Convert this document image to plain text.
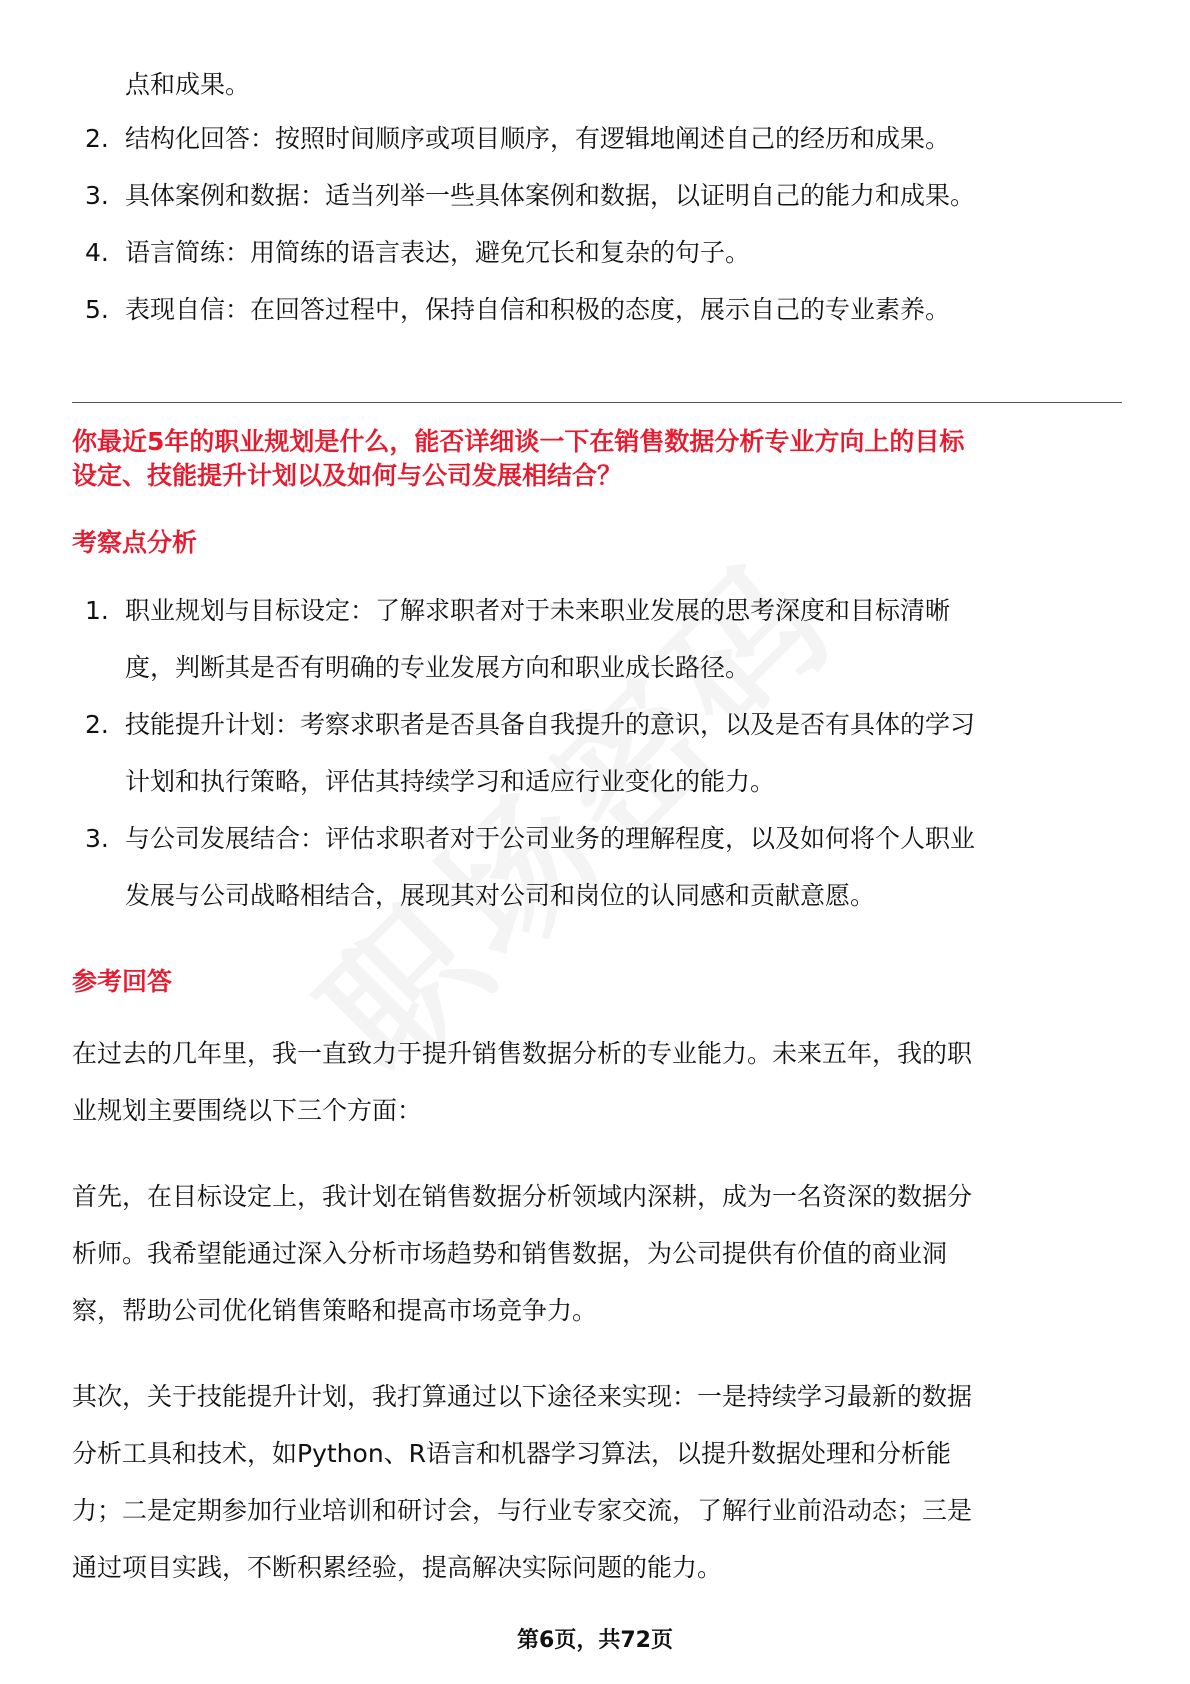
点和成果。
2. 结构化回答：按照时间顺序或项目顺序，有逻辑地阐述自己的经历和成果。
3. 具体案例和数据：适当列举一些具体案例和数据，以证明自己的能力和成果。
4. 语言简练：用简练的语言表达，避免冗长和复杂的句子。
5. 表现自信：在回答过程中，保持自信和积极的态度，展示自己的专业素养。
你最近5年的职业规划是什么，能否详细谈一下在销售数据分析专业方向上的目标
设定、技能提升计划以及如何与公司发展相结合？
考察点分析
1. 职业规划与目标设定：了解求职者对于未来职业发展的思考深度和目标清晰
度，判断其是否有明确的专业发展方向和职业成长路径。
2. 技能提升计划：考察求职者是否具备自我提升的意识，以及是否有具体的学习
计划和执行策略，评估其持续学习和适应行业变化的能力。
3. 与公司发展结合：评估求职者对于公司业务的理解程度，以及如何将个人职业
发展与公司战略相结合，展现其对公司和岗位的认同感和贡献意愿。
参考回答
在过去的几年里，我一直致力于提升销售数据分析的专业能力。未来五年，我的职
业规划主要围绕以下三个方面：
首先，在目标设定上，我计划在销售数据分析领域内深耕，成为一名资深的数据分
析师。我希望能通过深入分析市场趋势和销售数据，为公司提供有价值的商业洞
察，帮助公司优化销售策略和提高市场竞争力。
其次，关于技能提升计划，我打算通过以下途径来实现：一是持续学习最新的数据
分析工具和技术，如Python、R语言和机器学习算法，以提升数据处理和分析能
力；二是定期参加行业培训和研讨会，与行业专家交流，了解行业前沿动态；三是
通过项目实践，不断积累经验，提高解决实际问题的能力。
第6页，共72页
